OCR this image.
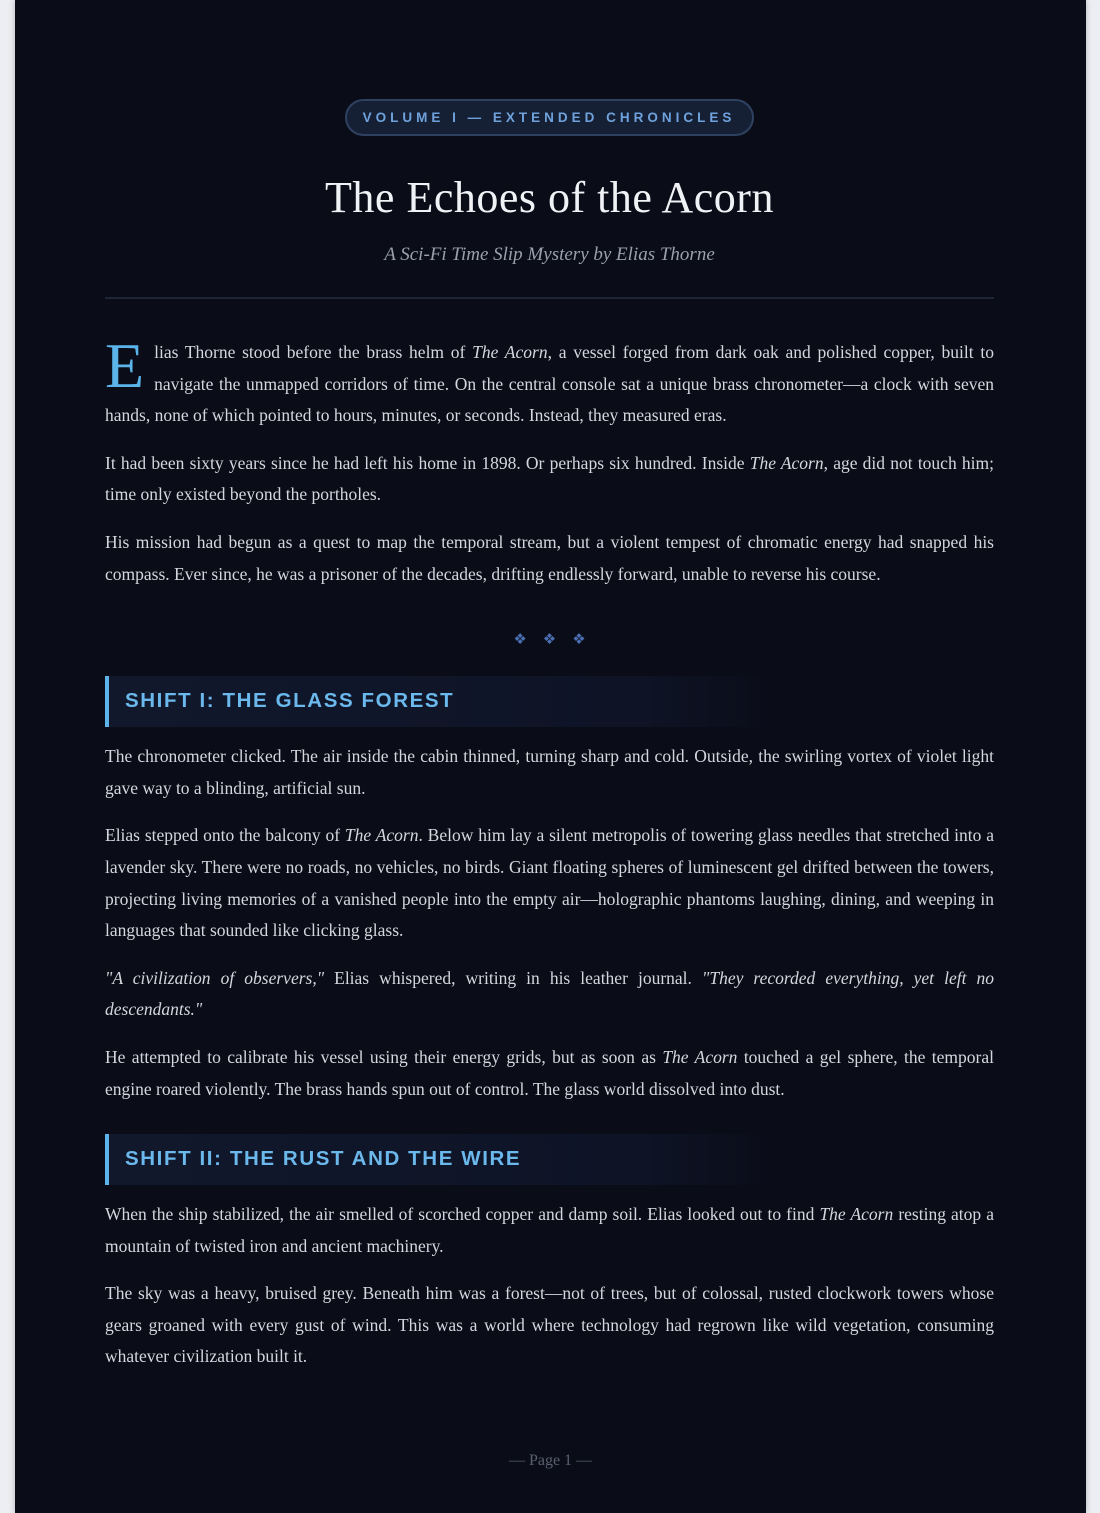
VOLUME I — EXTENDED CHRONICLES
The Echoes of the Acorn
A Sci-Fi Time Slip Mystery by Elias Thorne

Elias Thorne stood before the brass helm of The Acorn, a vessel forged from dark oak and polished copper, built to navigate the unmapped corridors of time. On the central console sat a unique brass chronometer—a clock with seven hands, none of which pointed to hours, minutes, or seconds. Instead, they measured eras.

It had been sixty years since he had left his home in 1898. Or perhaps six hundred. Inside The Acorn, age did not touch him; time only existed beyond the portholes.

His mission had begun as a quest to map the temporal stream, but a violent tempest of chromatic energy had snapped his compass. Ever since, he was a prisoner of the decades, drifting endlessly forward, unable to reverse his course.

❖ ❖ ❖
SHIFT I: THE GLASS FOREST

The chronometer clicked. The air inside the cabin thinned, turning sharp and cold. Outside, the swirling vortex of violet light gave way to a blinding, artificial sun.

Elias stepped onto the balcony of The Acorn. Below him lay a silent metropolis of towering glass needles that stretched into a lavender sky. There were no roads, no vehicles, no birds. Giant floating spheres of luminescent gel drifted between the towers, projecting living memories of a vanished people into the empty air—holographic phantoms laughing, dining, and weeping in languages that sounded like clicking glass.

"A civilization of observers," Elias whispered, writing in his leather journal. "They recorded everything, yet left no descendants."

He attempted to calibrate his vessel using their energy grids, but as soon as The Acorn touched a gel sphere, the temporal engine roared violently. The brass hands spun out of control. The glass world dissolved into dust.

SHIFT II: THE RUST AND THE WIRE

When the ship stabilized, the air smelled of scorched copper and damp soil. Elias looked out to find The Acorn resting atop a mountain of twisted iron and ancient machinery.

The sky was a heavy, bruised grey. Beneath him was a forest—not of trees, but of colossal, rusted clockwork towers whose gears groaned with every gust of wind. This was a world where technology had regrown like wild vegetation, consuming whatever civilization built it.

— Page 1 —
